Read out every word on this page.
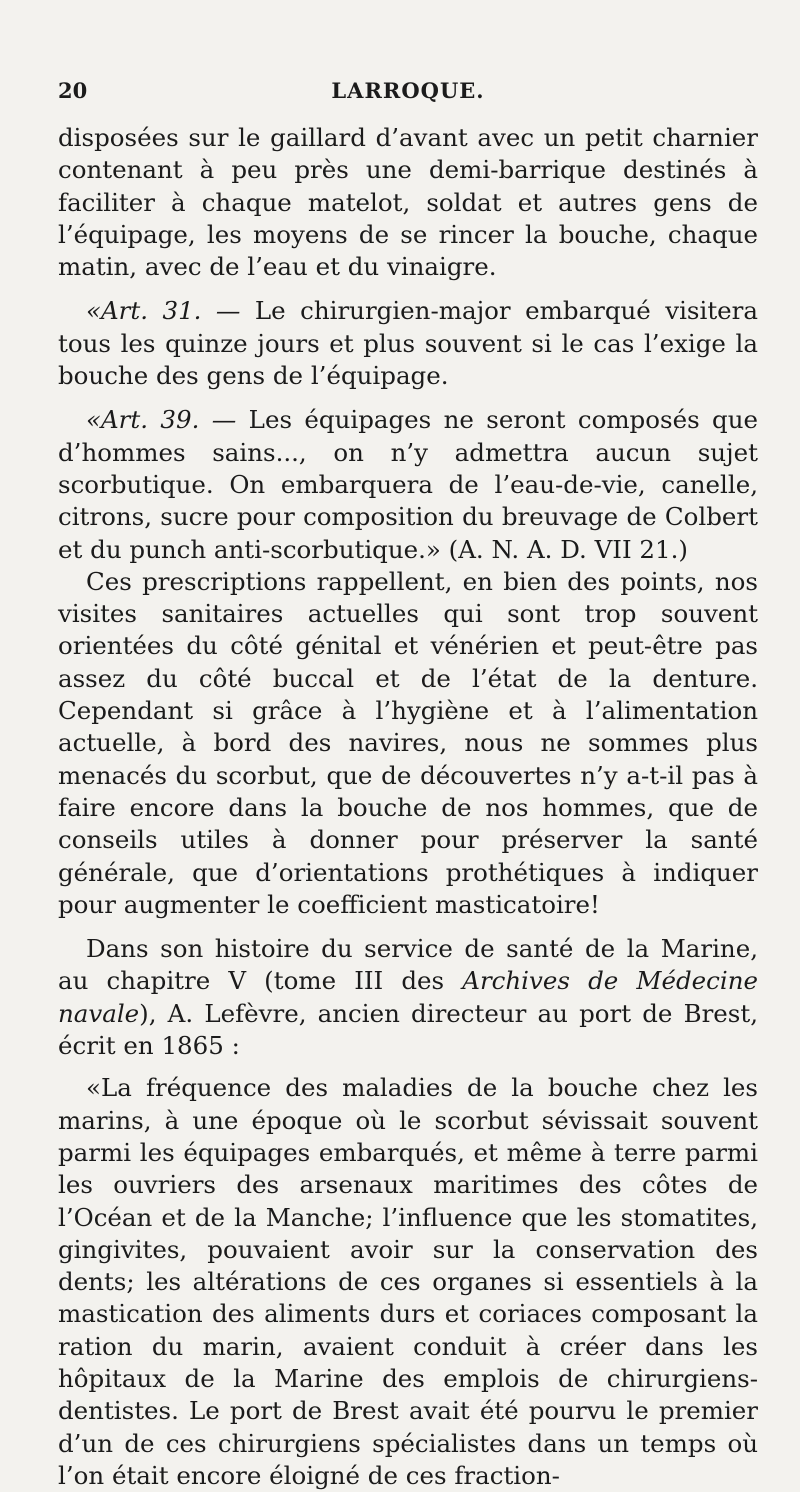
20	LARROQUE.

disposées sur le gaillard d’avant avec un petit charnier contenant à peu près une demi-barrique destinés à faciliter à chaque matelot, soldat et autres gens de l’équipage, les moyens de se rincer la bouche, chaque matin, avec de l’eau et du vinaigre.

«Art. 31. — Le chirurgien-major embarqué visitera tous les quinze jours et plus souvent si le cas l’exige la bouche des gens de l’équipage.

«Art. 39. — Les équipages ne seront composés que d’hommes sains..., on n’y admettra aucun sujet scorbutique. On embarquera de l’eau-de-vie, canelle, citrons, sucre pour composition du breuvage de Colbert et du punch anti-scorbutique.» (A. N. A. D. VII 21.)

Ces prescriptions rappellent, en bien des points, nos visites sanitaires actuelles qui sont trop souvent orientées du côté génital et vénérien et peut-être pas assez du côté buccal et de l’état de la denture. Cependant si grâce à l’hygiène et à l’alimentation actuelle, à bord des navires, nous ne sommes plus menacés du scorbut, que de découvertes n’y a-t-il pas à faire encore dans la bouche de nos hommes, que de conseils utiles à donner pour préserver la santé générale, que d’orientations prothétiques à indiquer pour augmenter le coefficient masticatoire!

Dans son histoire du service de santé de la Marine, au chapitre V (tome III des Archives de Médecine navale), A. Lefèvre, ancien directeur au port de Brest, écrit en 1865 :

«La fréquence des maladies de la bouche chez les marins, à une époque où le scorbut sévissait souvent parmi les équipages embarqués, et même à terre parmi les ouvriers des arsenaux maritimes des côtes de l’Océan et de la Manche; l’influence que les stomatites, gingivites, pouvaient avoir sur la conservation des dents; les altérations de ces organes si essentiels à la mastication des aliments durs et coriaces composant la ration du marin, avaient conduit à créer dans les hôpitaux de la Marine des emplois de chirurgiens-dentistes. Le port de Brest avait été pourvu le premier d’un de ces chirurgiens spécialistes dans un temps où l’on était encore éloigné de ces fraction-
